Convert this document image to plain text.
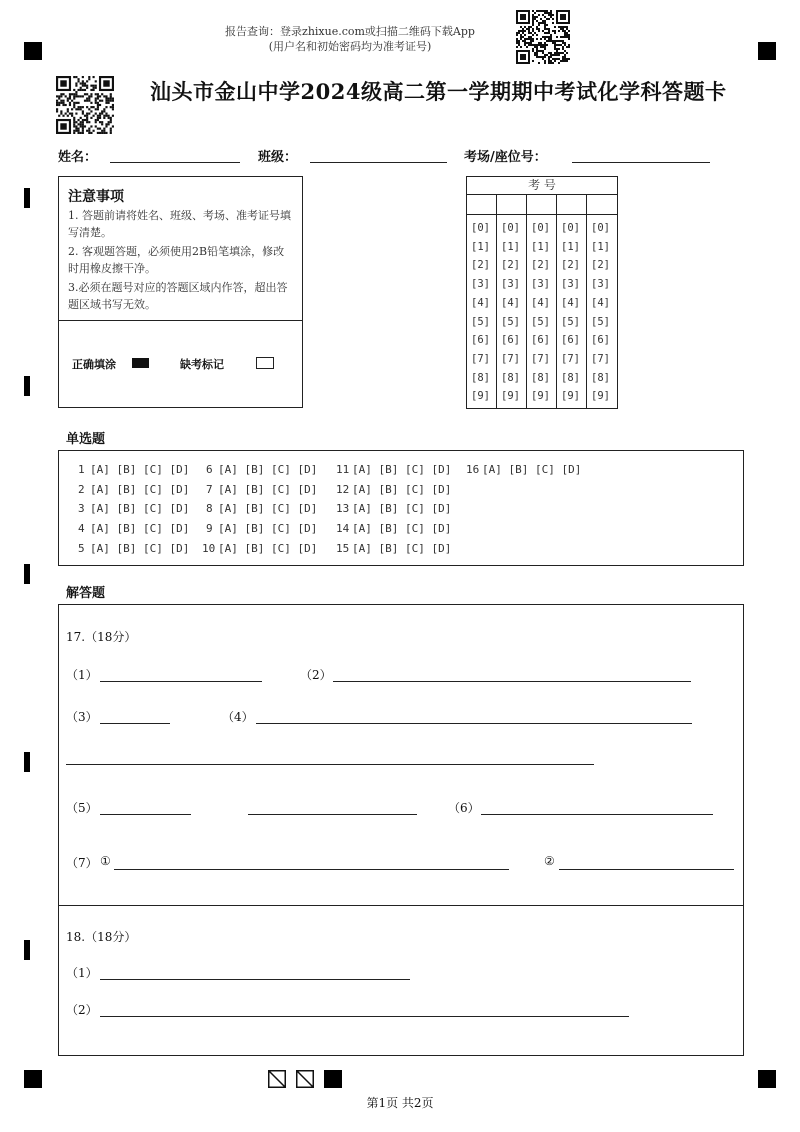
报告查询：登录zhixue.com或扫描二维码下载App
(用户名和初始密码均为准考证号)
汕头市金山中学2024级高二第一学期期中考试化学科答题卡
姓名：	班级：	考场/座位号：
注意事项
1. 答题前请将姓名、班级、考场、准考证号填写清楚。
2. 客观题答题，必须使用2B铅笔填涂，修改时用橡皮擦干净。
3.必须在题号对应的答题区域内作答，超出答题区域书写无效。
正确填涂	缺考标记
考 号
[0] [0] [0] [0] [0]
[1] [1] [1] [1] [1]
[2] [2] [2] [2] [2]
[3] [3] [3] [3] [3]
[4] [4] [4] [4] [4]
[5] [5] [5] [5] [5]
[6] [6] [6] [6] [6]
[7] [7] [7] [7] [7]
[8] [8] [8] [8] [8]
[9] [9] [9] [9] [9]
单选题
1 [A] [B] [C] [D]
2 [A] [B] [C] [D]
3 [A] [B] [C] [D]
4 [A] [B] [C] [D]
5 [A] [B] [C] [D]
6 [A] [B] [C] [D]
7 [A] [B] [C] [D]
8 [A] [B] [C] [D]
9 [A] [B] [C] [D]
10 [A] [B] [C] [D]
11 [A] [B] [C] [D]
12 [A] [B] [C] [D]
13 [A] [B] [C] [D]
14 [A] [B] [C] [D]
15 [A] [B] [C] [D]
16 [A] [B] [C] [D]
解答题
17.（18分）
（1）	（2）
（3）	（4）
（5）	（6）
（7） ①	②
18.（18分）
（1）
（2）
第1页 共2页
